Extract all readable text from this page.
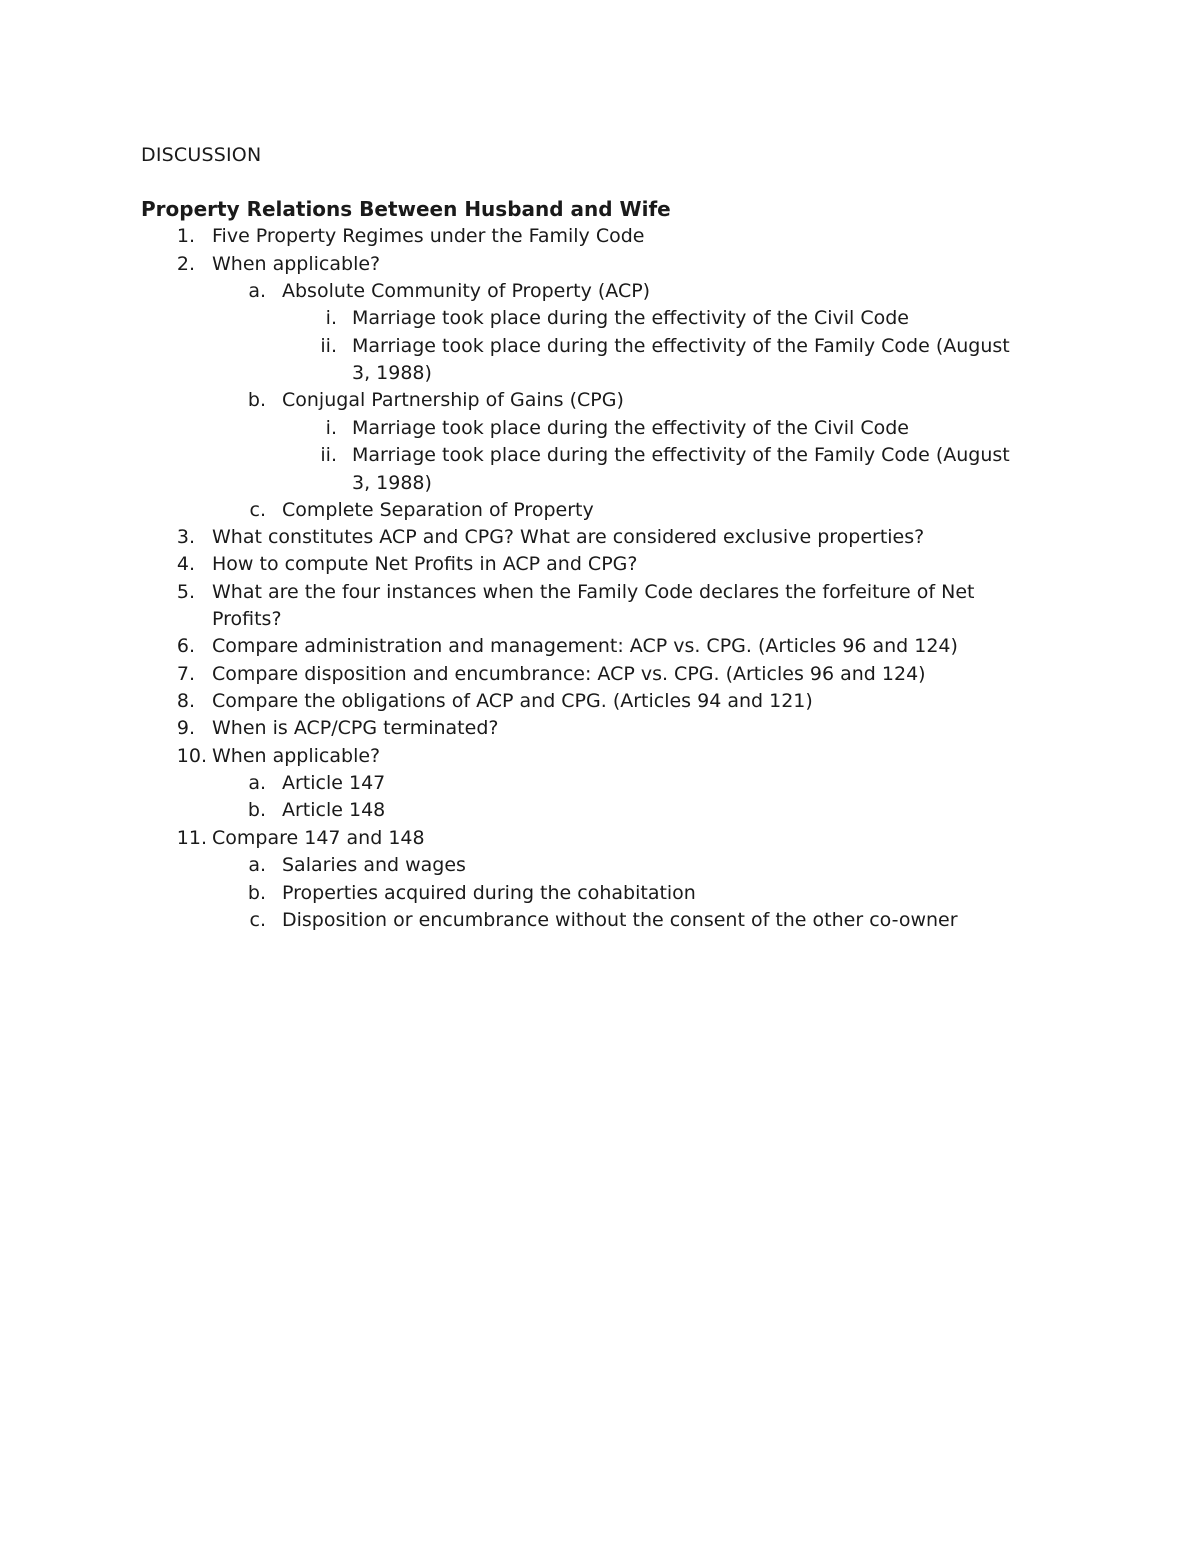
DISCUSSION
Property Relations Between Husband and Wife
1. Five Property Regimes under the Family Code
2. When applicable?
a. Absolute Community of Property (ACP)
i. Marriage took place during the effectivity of the Civil Code
ii. Marriage took place during the effectivity of the Family Code (August
3, 1988)
b. Conjugal Partnership of Gains (CPG)
i. Marriage took place during the effectivity of the Civil Code
ii. Marriage took place during the effectivity of the Family Code (August
3, 1988)
c. Complete Separation of Property
3. What constitutes ACP and CPG? What are considered exclusive properties?
4. How to compute Net Profits in ACP and CPG?
5. What are the four instances when the Family Code declares the forfeiture of Net
Profits?
6. Compare administration and management: ACP vs. CPG. (Articles 96 and 124)
7. Compare disposition and encumbrance: ACP vs. CPG. (Articles 96 and 124)
8. Compare the obligations of ACP and CPG. (Articles 94 and 121)
9. When is ACP/CPG terminated?
10. When applicable?
a. Article 147
b. Article 148
11. Compare 147 and 148
a. Salaries and wages
b. Properties acquired during the cohabitation
c. Disposition or encumbrance without the consent of the other co-owner
